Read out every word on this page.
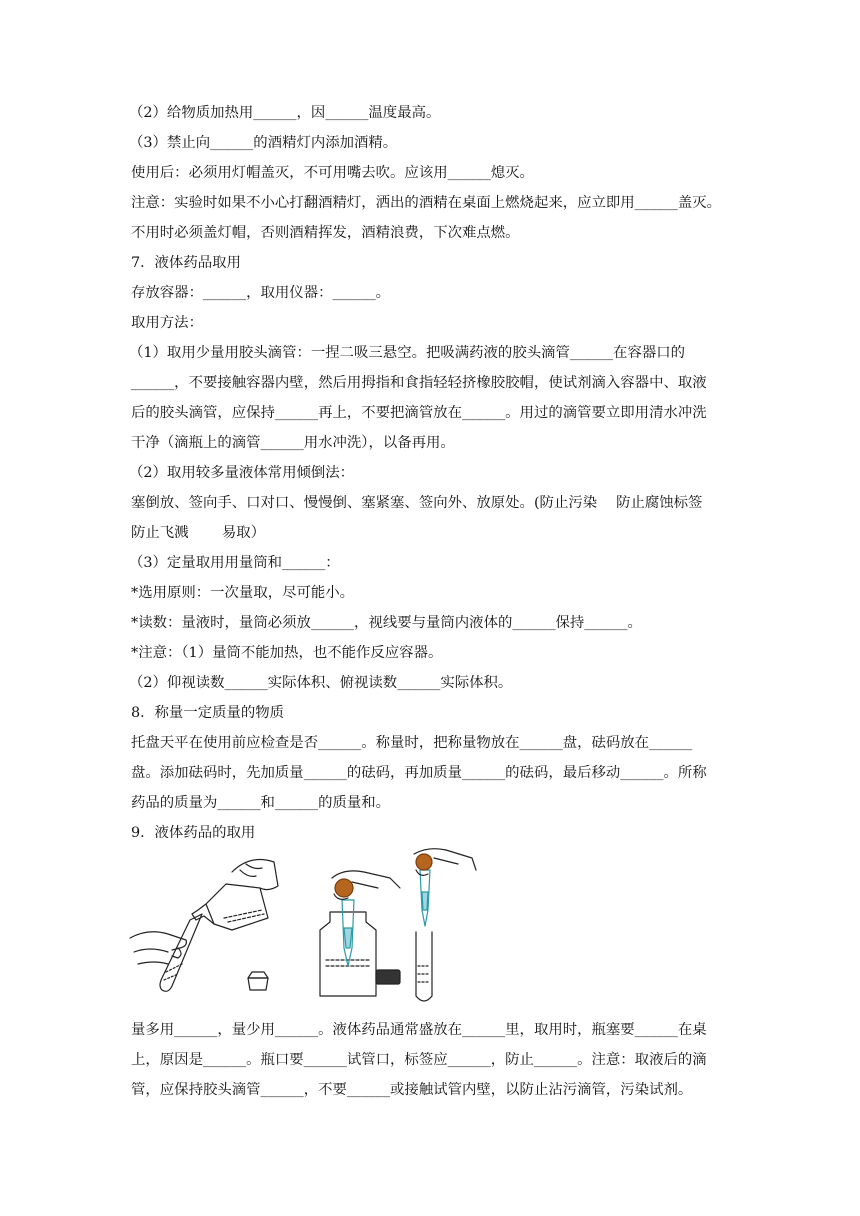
（2）给物质加热用______，因______温度最高。
（3）禁止向______的酒精灯内添加酒精。
使用后：必须用灯帽盖灭，不可用嘴去吹。应该用______熄灭。
注意：实验时如果不小心打翻酒精灯，洒出的酒精在桌面上燃烧起来，应立即用______盖灭。
不用时必须盖灯帽，否则酒精挥发，酒精浪费，下次难点燃。
7．液体药品取用
存放容器：______，取用仪器：______。
取用方法：
（1）取用少量用胶头滴管：一捏二吸三悬空。把吸满药液的胶头滴管______在容器口的
______，不要接触容器内壁，然后用拇指和食指轻轻挤橡胶胶帽，使试剂滴入容器中、取液
后的胶头滴管，应保持______再上，不要把滴管放在______。用过的滴管要立即用清水冲洗
干净（滴瓶上的滴管______用水冲洗），以备再用。
（2）取用较多量液体常用倾倒法：
塞倒放、签向手、口对口、慢慢倒、塞紧塞、签向外、放原处。(防止污染　 防止腐蚀标签
防止飞溅　　 易取）
（3）定量取用用量筒和______：
*选用原则：一次量取，尽可能小。
*读数：量液时，量筒必须放______，视线要与量筒内液体的______保持______。
*注意：（1）量筒不能加热，也不能作反应容器。
（2）仰视读数______实际体积、俯视读数______实际体积。
8．称量一定质量的物质
托盘天平在使用前应检查是否______。称量时，把称量物放在______盘，砝码放在______
盘。添加砝码时，先加质量______的砝码，再加质量______的砝码，最后移动______。所称
药品的质量为______和______的质量和。
9．液体药品的取用
量多用______，量少用______。液体药品通常盛放在______里，取用时，瓶塞要______在桌
上，原因是______。瓶口要______试管口，标签应______，防止______。注意：取液后的滴
管，应保持胶头滴管______，不要______或接触试管内壁，以防止沾污滴管，污染试剂。
